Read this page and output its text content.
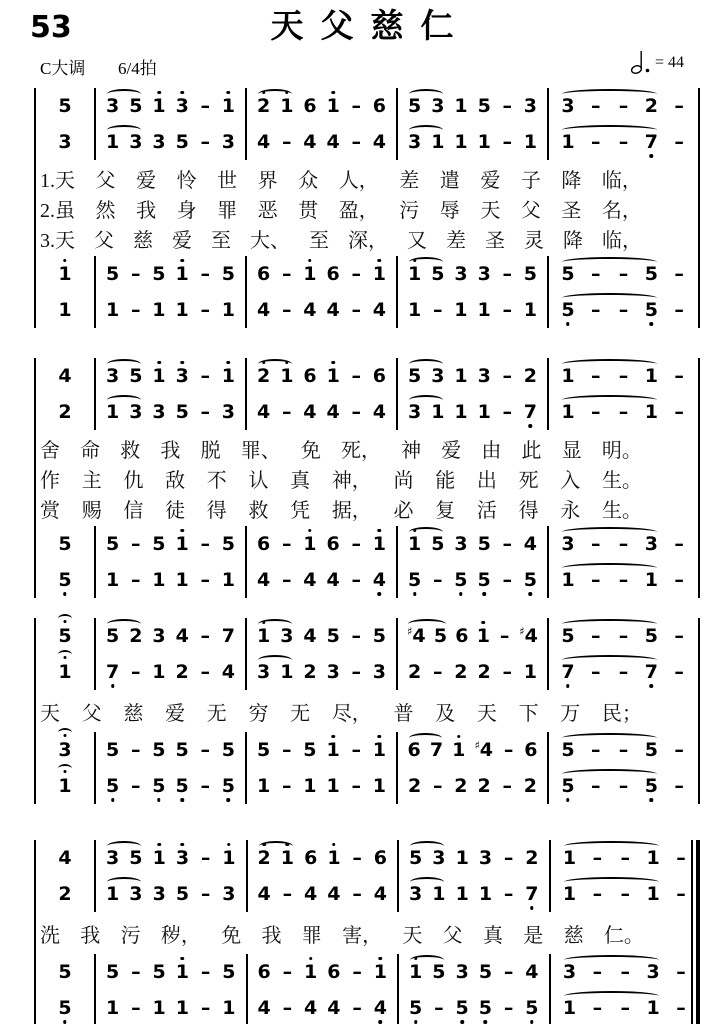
53	天父慈仁
C大调 6/4拍	= 44
5
3
3 5 1 3 – 1
1 3 3 5 – 3
2 1 6 1 – 6
4 – 4 4 – 4
5 3 1 5 – 3
3 1 1 1 – 1
3 – – 2 –
1 – – 7 –
1.天 父 爱 怜 世 界 众 人， 差 遣 爱 子 降 临，
2.虽 然 我 身 罪 恶 贯 盈， 污 辱 天 父 圣 名，
3.天 父 慈 爱 至 大、 至 深， 又 差 圣 灵 降 临，
1
1
5 – 5 1 – 5
1 – 1 1 – 1
6 – 1 6 – 1
4 – 4 4 – 4
1 5 3 3 – 5
1 – 1 1 – 1
5 – – 5 –
5 – – 5 –
4
2
3 5 1 3 – 1
1 3 3 5 – 3
2 1 6 1 – 6
4 – 4 4 – 4
5 3 1 3 – 2
3 1 1 1 – 7
1 – – 1 –
1 – – 1 –
舍 命 救 我 脱 罪、 免 死， 神 爱 由 此 显 明。
作 主 仇 敌 不 认 真 神， 尚 能 出 死 入 生。
赏 赐 信 徒 得 救 凭 据， 必 复 活 得 永 生。
5
5
5 – 5 1 – 5
1 – 1 1 – 1
6 – 1 6 – 1
4 – 4 4 – 4
1 5 3 5 – 4
5 – 5 5 – 5
3 – – 3 –
1 – – 1 –
5
1
5 2 3 4 – 7
7 – 1 2 – 4
1 3 4 5 – 5
3 1 2 3 – 3
♯4 5 6 1 – ♯4
2 – 2 2 – 1
5 – – 5 –
7 – – 7 –
天 父 慈 爱 无 穷 无 尽， 普 及 天 下 万 民；
3
1
5 – 5 5 – 5
5 – 5 5 – 5
5 – 5 1 – 1
1 – 1 1 – 1
6 7 1 ♯4 – 6
2 – 2 2 – 2
5 – – 5 –
5 – – 5 –
4
2
3 5 1 3 – 1
1 3 3 5 – 3
2 1 6 1 – 6
4 – 4 4 – 4
5 3 1 3 – 2
3 1 1 1 – 7
1 – – 1 –
1 – – 1 –
洗 我 污 秽， 免 我 罪 害， 天 父 真 是 慈 仁。
5
5
5 – 5 1 – 5
1 – 1 1 – 1
6 – 1 6 – 1
4 – 4 4 – 4
1 5 3 5 – 4
5 – 5 5 – 5
3 – – 3 –
1 – – 1 –
